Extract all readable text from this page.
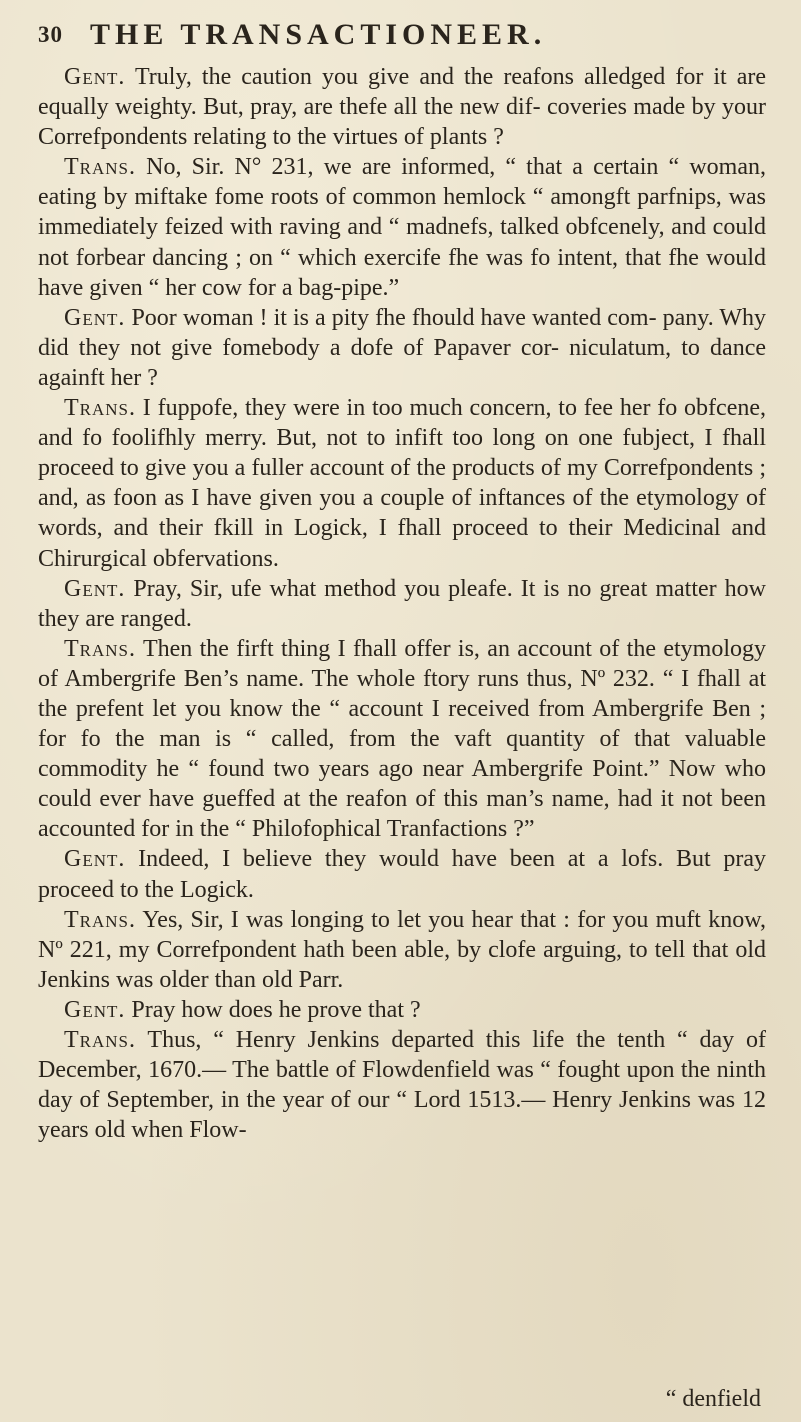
30 THE TRANSACTIONEER.

Gent. Truly, the caution you give and the reafons alledged for it are equally weighty. But, pray, are thefe all the new dif- coveries made by your Correfpondents relating to the virtues of plants ?

Trans. No, Sir. N° 231, we are informed, “ that a certain “ woman, eating by miftake fome roots of common hemlock “ amongft parfnips, was immediately feized with raving and “ madnefs, talked obfcenely, and could not forbear dancing ; on “ which exercife fhe was fo intent, that fhe would have given “ her cow for a bag-pipe.”

Gent. Poor woman ! it is a pity fhe fhould have wanted com- pany. Why did they not give fomebody a dofe of Papaver cor- niculatum, to dance againft her ?

Trans. I fuppofe, they were in too much concern, to fee her fo obfcene, and fo foolifhly merry. But, not to infift too long on one fubject, I fhall proceed to give you a fuller account of the products of my Correfpondents ; and, as foon as I have given you a couple of inftances of the etymology of words, and their fkill in Logick, I fhall proceed to their Medicinal and Chirurgical obfervations.

Gent. Pray, Sir, ufe what method you pleafe. It is no great matter how they are ranged.

Trans. Then the firft thing I fhall offer is, an account of the etymology of Ambergrife Ben’s name. The whole ftory runs thus, Nº 232. “ I fhall at the prefent let you know the “ account I received from Ambergrife Ben ; for fo the man is “ called, from the vaft quantity of that valuable commodity he “ found two years ago near Ambergrife Point.” Now who could ever have gueffed at the reafon of this man’s name, had it not been accounted for in the “ Philofophical Tranfactions ?”

Gent. Indeed, I believe they would have been at a lofs. But pray proceed to the Logick.

Trans. Yes, Sir, I was longing to let you hear that : for you muft know, Nº 221, my Correfpondent hath been able, by clofe arguing, to tell that old Jenkins was older than old Parr.

Gent. Pray how does he prove that ?

Trans. Thus, “ Henry Jenkins departed this life the tenth “ day of December, 1670.— The battle of Flowdenfield was “ fought upon the ninth day of September, in the year of our “ Lord 1513.— Henry Jenkins was 12 years old when Flow-

“ denfield
